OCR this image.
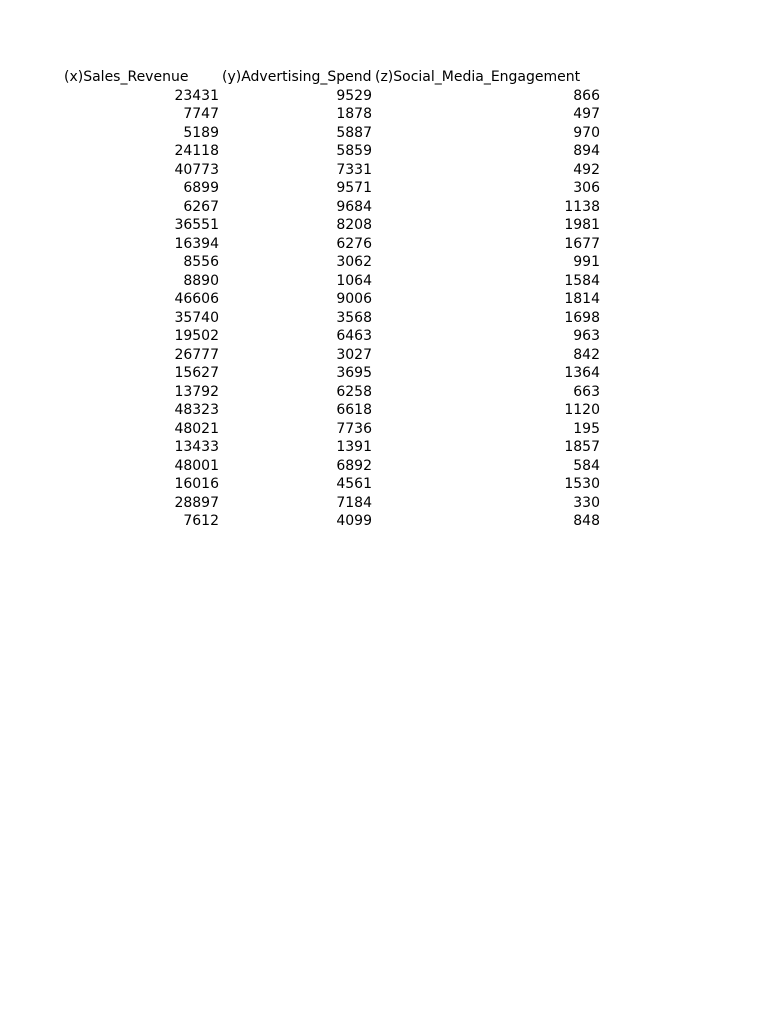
(x)Sales_Revenue (y)Advertising_Spend (z)Social_Media_Engagement
23431	9529	866
7747	1878	497
5189	5887	970
24118	5859	894
40773	7331	492
6899	9571	306
6267	9684	1138
36551	8208	1981
16394	6276	1677
8556	3062	991
8890	1064	1584
46606	9006	1814
35740	3568	1698
19502	6463	963
26777	3027	842
15627	3695	1364
13792	6258	663
48323	6618	1120
48021	7736	195
13433	1391	1857
48001	6892	584
16016	4561	1530
28897	7184	330
7612	4099	848
